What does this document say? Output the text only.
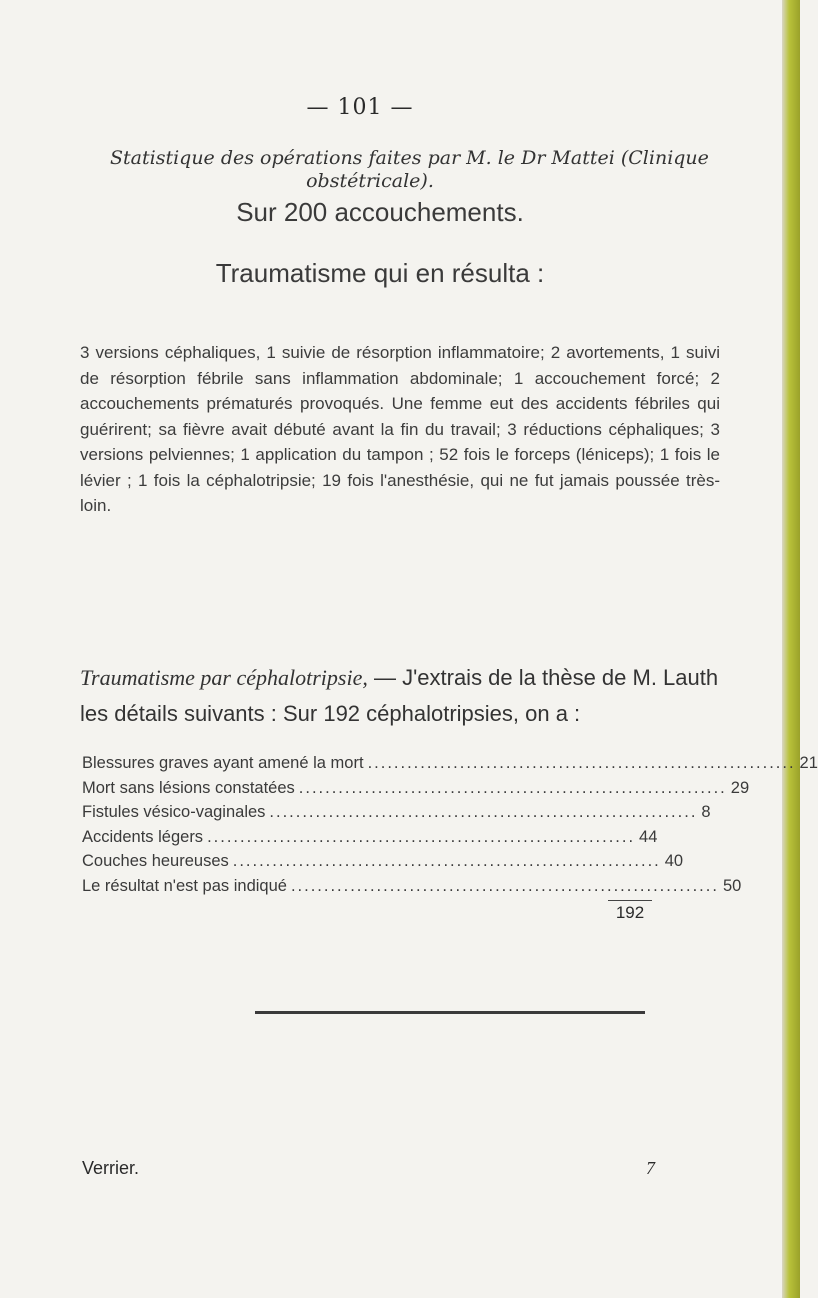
— 101 —
Statistique des opérations faites par M. le Dr Mattei (Clinique

obstétricale).
Sur 200 accouchements.
Traumatisme qui en résulta :

3 versions céphaliques, 1 suivie de résorption inflammatoire; 2 avortements, 1 suivi de résorption fébrile sans inflammation abdominale; 1 accouchement forcé; 2 accouchements prématurés provoqués. Une femme eut des accidents fébriles qui guérirent; sa fièvre avait débuté avant la fin du travail; 3 réductions céphaliques; 3 versions pelviennes; 1 application du tampon ; 52 fois le forceps (léniceps); 1 fois le lévier ; 1 fois la céphalotripsie; 19 fois l'anesthésie, qui ne fut jamais poussée très-loin.

Traumatisme par céphalotripsie, — J'extrais de la thèse de M. Lauth les détails suivants : Sur 192 céphalotripsies, on a :
Blessures graves ayant amené la mort ................................................................. 21
Mort sans lésions constatées ................................................................. 29
Fistules vésico-vaginales ................................................................. 8
Accidents légers ................................................................. 44
Couches heureuses ................................................................. 40
Le résultat n'est pas indiqué ................................................................. 50
192
Verrier.	7
